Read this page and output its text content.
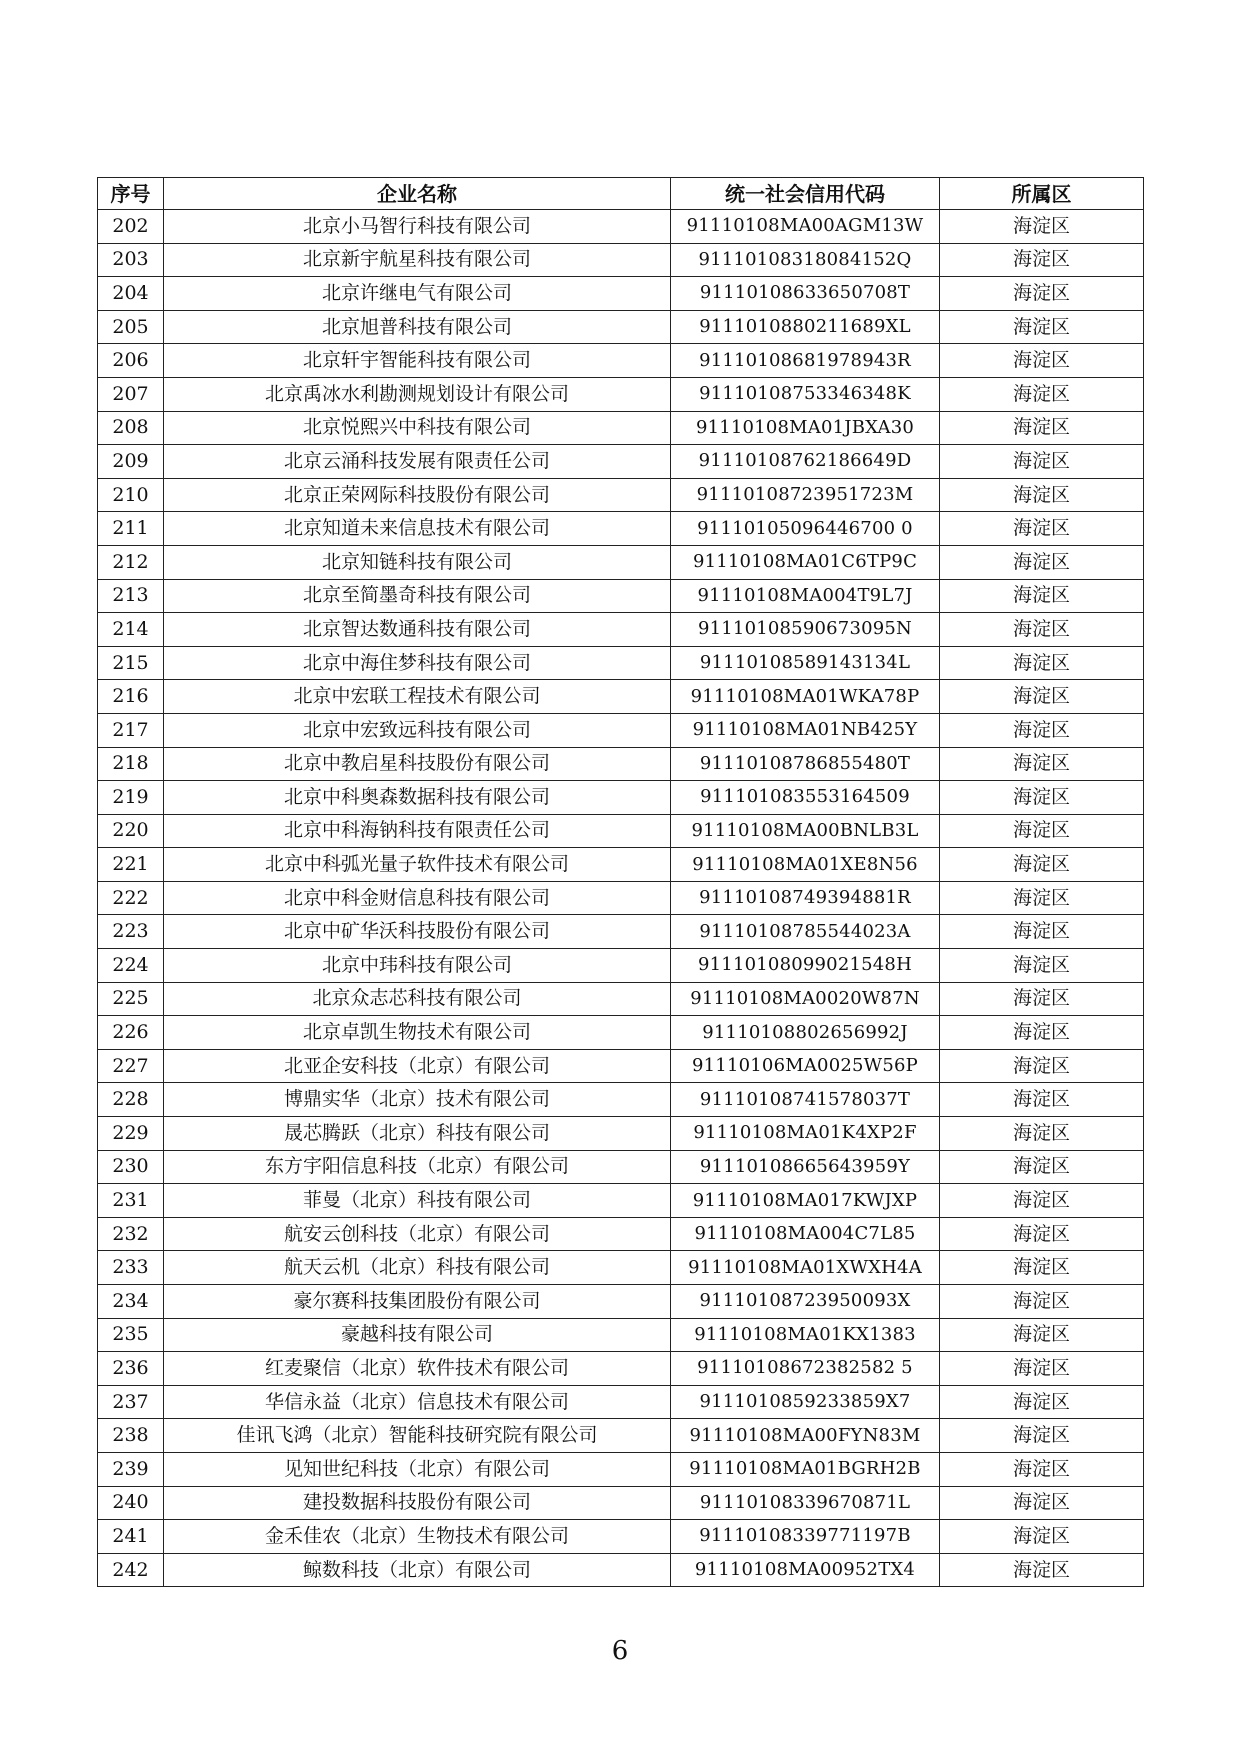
序号	企业名称	统一社会信用代码	所属区
202	北京小马智行科技有限公司	91110108MA00AGM13W	海淀区
203	北京新宇航星科技有限公司	91110108318084152Q	海淀区
204	北京许继电气有限公司	91110108633650708T	海淀区
205	北京旭普科技有限公司	9111010880211689XL	海淀区
206	北京轩宇智能科技有限公司	91110108681978943R	海淀区
207	北京禹冰水利勘测规划设计有限公司	91110108753346348K	海淀区
208	北京悦熙兴中科技有限公司	91110108MA01JBXA30	海淀区
209	北京云涌科技发展有限责任公司	91110108762186649D	海淀区
210	北京正荣网际科技股份有限公司	91110108723951723M	海淀区
211	北京知道未来信息技术有限公司	91110105096446700 0	海淀区
212	北京知链科技有限公司	91110108MA01C6TP9C	海淀区
213	北京至简墨奇科技有限公司	91110108MA004T9L7J	海淀区
214	北京智达数通科技有限公司	91110108590673095N	海淀区
215	北京中海住梦科技有限公司	91110108589143134L	海淀区
216	北京中宏联工程技术有限公司	91110108MA01WKA78P	海淀区
217	北京中宏致远科技有限公司	91110108MA01NB425Y	海淀区
218	北京中教启星科技股份有限公司	91110108786855480T	海淀区
219	北京中科奥森数据科技有限公司	911101083553164509	海淀区
220	北京中科海钠科技有限责任公司	91110108MA00BNLB3L	海淀区
221	北京中科弧光量子软件技术有限公司	91110108MA01XE8N56	海淀区
222	北京中科金财信息科技有限公司	91110108749394881R	海淀区
223	北京中矿华沃科技股份有限公司	91110108785544023A	海淀区
224	北京中玮科技有限公司	91110108099021548H	海淀区
225	北京众志芯科技有限公司	91110108MA0020W87N	海淀区
226	北京卓凯生物技术有限公司	91110108802656992J	海淀区
227	北亚企安科技（北京）有限公司	91110106MA0025W56P	海淀区
228	博鼎实华（北京）技术有限公司	91110108741578037T	海淀区
229	晟芯腾跃（北京）科技有限公司	91110108MA01K4XP2F	海淀区
230	东方宇阳信息科技（北京）有限公司	91110108665643959Y	海淀区
231	菲曼（北京）科技有限公司	91110108MA017KWJXP	海淀区
232	航安云创科技（北京）有限公司	91110108MA004C7L85	海淀区
233	航天云机（北京）科技有限公司	91110108MA01XWXH4A	海淀区
234	豪尔赛科技集团股份有限公司	91110108723950093X	海淀区
235	豪越科技有限公司	91110108MA01KX1383	海淀区
236	红麦聚信（北京）软件技术有限公司	91110108672382582 5	海淀区
237	华信永益（北京）信息技术有限公司	9111010859233859X7	海淀区
238	佳讯飞鸿（北京）智能科技研究院有限公司	91110108MA00FYN83M	海淀区
239	见知世纪科技（北京）有限公司	91110108MA01BGRH2B	海淀区
240	建投数据科技股份有限公司	91110108339670871L	海淀区
241	金禾佳农（北京）生物技术有限公司	91110108339771197B	海淀区
242	鲸数科技（北京）有限公司	91110108MA00952TX4	海淀区
6
